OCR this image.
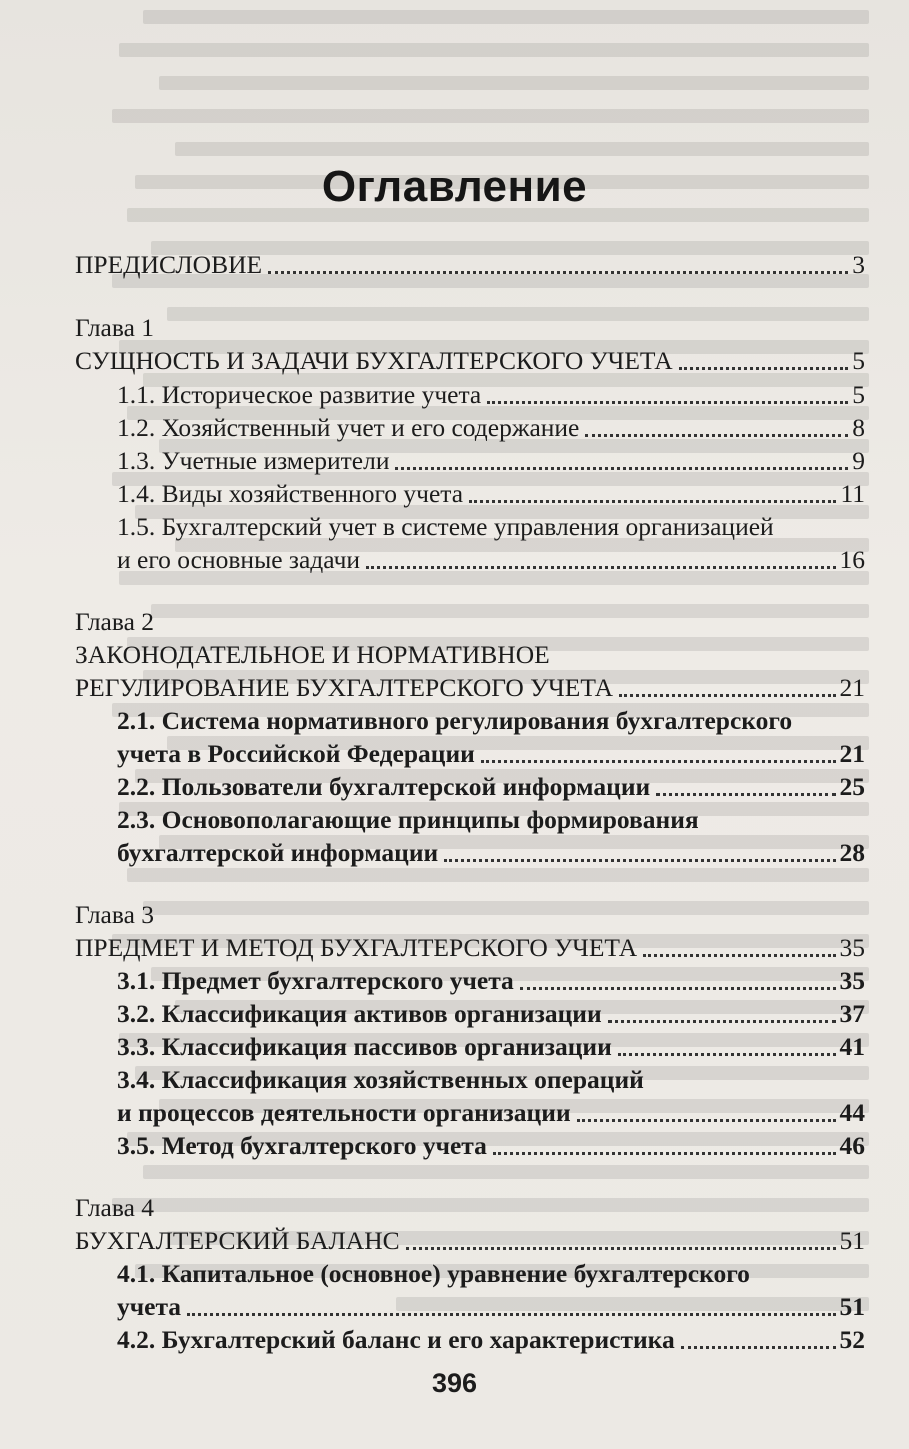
Оглавление
ПРЕДИСЛОВИЕ	3
Глава 1
СУЩНОСТЬ И ЗАДАЧИ БУХГАЛТЕРСКОГО УЧЕТА	5
1.1. Историческое развитие учета	5
1.2. Хозяйственный учет и его содержание	8
1.3. Учетные измерители	9
1.4. Виды хозяйственного учета	11
1.5. Бухгалтерский учет в системе управления организацией
и его основные задачи	16
Глава 2
ЗАКОНОДАТЕЛЬНОЕ И НОРМАТИВНОЕ
РЕГУЛИРОВАНИЕ БУХГАЛТЕРСКОГО УЧЕТА	21
2.1. Система нормативного регулирования бухгалтерского
учета в Российской Федерации	21
2.2. Пользователи бухгалтерской информации	25
2.3. Основополагающие принципы формирования
бухгалтерской информации	28
Глава 3
ПРЕДМЕТ И МЕТОД БУХГАЛТЕРСКОГО УЧЕТА	35
3.1. Предмет бухгалтерского учета	35
3.2. Классификация активов организации	37
3.3. Классификация пассивов организации	41
3.4. Классификация хозяйственных операций
и процессов деятельности организации	44
3.5. Метод бухгалтерского учета	46
Глава 4
БУХГАЛТЕРСКИЙ БАЛАНС	51
4.1. Капитальное (основное) уравнение бухгалтерского
учета	51
4.2. Бухгалтерский баланс и его характеристика	52
396
